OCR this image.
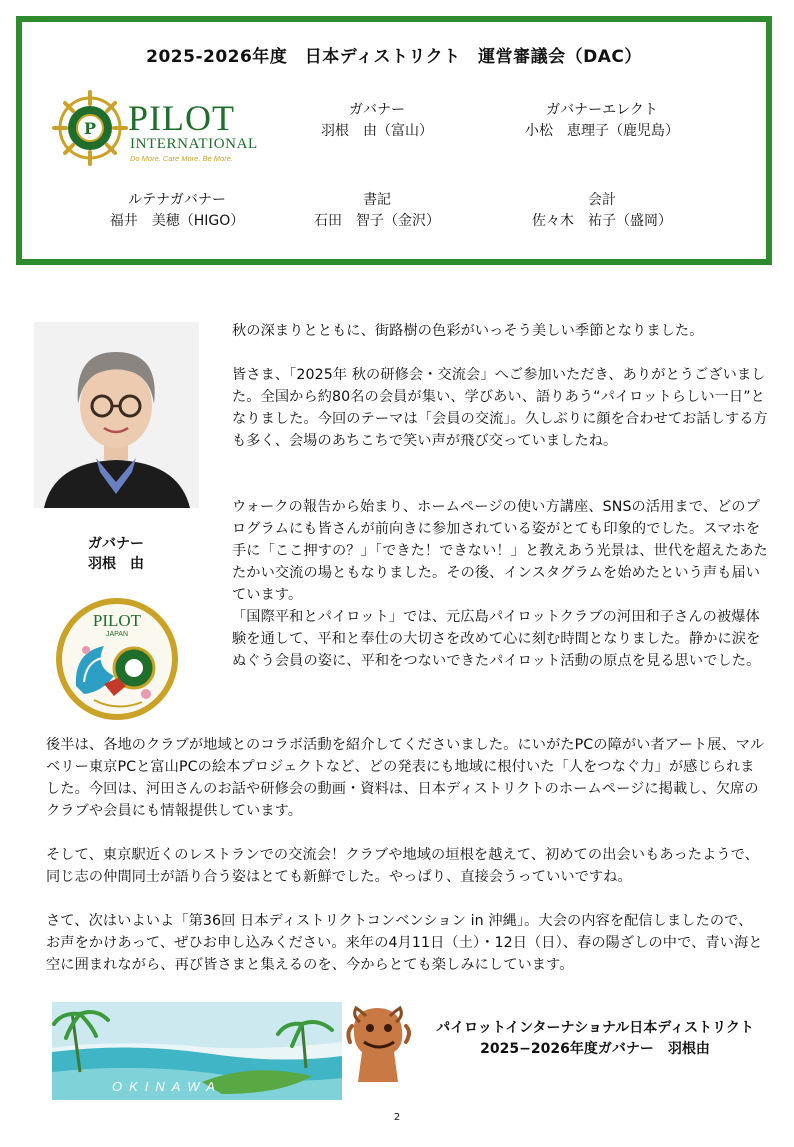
2025-2026年度　日本ディストリクト　運営審議会（DAC）
P PILOT
INTERNATIONAL
Do More. Care More. Be More.
ガバナー
羽根　由（富山）
ガバナーエレクト
小松　恵理子（鹿児島）
ルテナガバナー
福井　美穂（HIGO）
書記
石田　智子（金沢）
会計
佐々木　祐子（盛岡）
ガバナー
羽根　由
PILOT
JAPAN

秋の深まりとともに、街路樹の色彩がいっそう美しい季節となりました。

皆さま、「2025年 秋の研修会・交流会」へご参加いただき、ありがとうございました。全国から約80名の会員が集い、学びあい、語りあう“パイロットらしい一日”となりました。今回のテーマは「会員の交流」。久しぶりに顔を合わせてお話しする方も多く、会場のあちこちで笑い声が飛び交っていましたね。

ウォークの報告から始まり、ホームページの使い方講座、SNSの活用まで、どのプログラムにも皆さんが前向きに参加されている姿がとても印象的でした。スマホを手に「ここ押すの？」「できた！できない！」と教えあう光景は、世代を超えたあたたかい交流の場ともなりました。その後、インスタグラムを始めたという声も届いています。

「国際平和とパイロット」では、元広島パイロットクラブの河田和子さんの被爆体験を通して、平和と奉仕の大切さを改めて心に刻む時間となりました。静かに涙をぬぐう会員の姿に、平和をつないできたパイロット活動の原点を見る思いでした。

後半は、各地のクラブが地域とのコラボ活動を紹介してくださいました。にいがたPCの障がい者アート展、マルベリー東京PCと富山PCの絵本プロジェクトなど、どの発表にも地域に根付いた「人をつなぐ力」が感じられました。今回は、河田さんのお話や研修会の動画・資料は、日本ディストリクトのホームページに掲載し、欠席のクラブや会員にも情報提供しています。

そして、東京駅近くのレストランでの交流会！クラブや地域の垣根を越えて、初めての出会いもあったようで、同じ志の仲間同士が語り合う姿はとても新鮮でした。やっぱり、直接会うっていいですね。

さて、次はいよいよ「第36回 日本ディストリクトコンベンション in 沖縄」。大会の内容を配信しましたので、お声をかけあって、ぜひお申し込みください。来年の4月11日（土）・12日（日）、春の陽ざしの中で、青い海と空に囲まれながら、再び皆さまと集えるのを、今からとても楽しみにしています。

OKINAWA
パイロットインターナショナル日本ディストリクト
2025−2026年度ガバナー　羽根由
2
